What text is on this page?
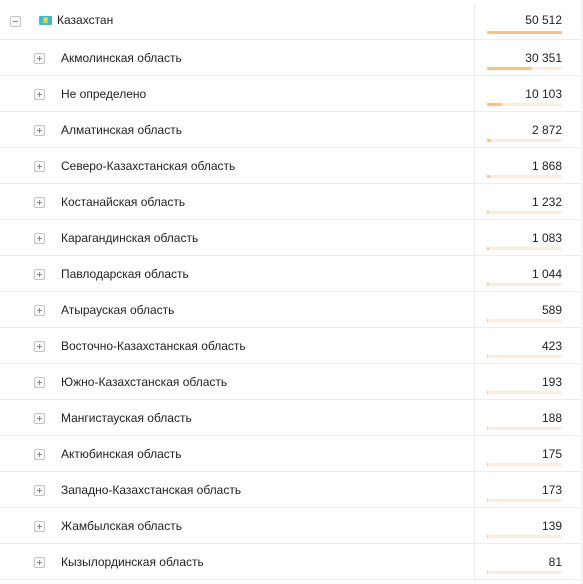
Казахстан	50 512
Акмолинская область	30 351
Не определено	10 103
Алматинская область	2 872
Северо-Казахстанская область	1 868
Костанайская область	1 232
Карагандинская область	1 083
Павлодарская область	1 044
Атырауская область	589
Восточно-Казахстанская область	423
Южно-Казахстанская область	193
Мангистауская область	188
Актюбинская область	175
Западно-Казахстанская область	173
Жамбылская область	139
Кызылординская область	81
